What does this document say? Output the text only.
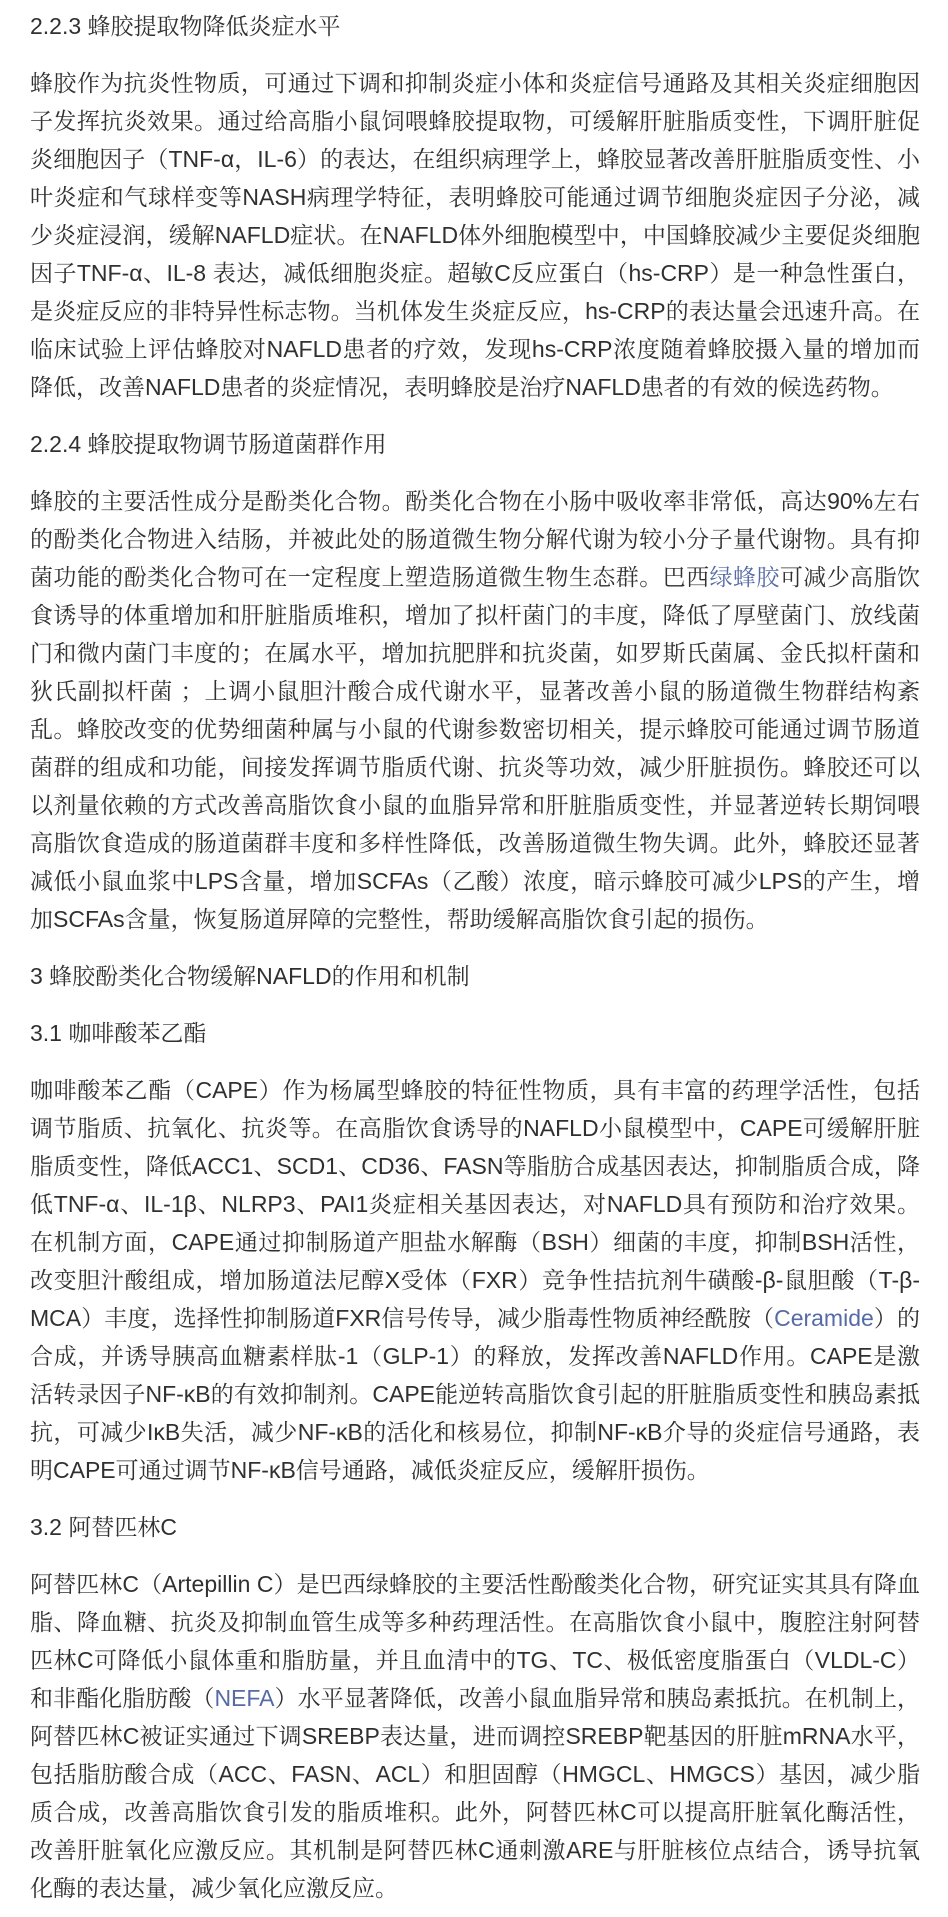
2.2.3 蜂胶提取物降低炎症水平

蜂胶作为抗炎性物质，可通过下调和抑制炎症小体和炎症信号通路及其相关炎症细胞因子发挥抗炎效果。通过给高脂小鼠饲喂蜂胶提取物，可缓解肝脏脂质变性，下调肝脏促炎细胞因子（TNF-α，IL-6）的表达，在组织病理学上，蜂胶显著改善肝脏脂质变性、小叶炎症和气球样变等NASH病理学特征，表明蜂胶可能通过调节细胞炎症因子分泌，减少炎症浸润，缓解NAFLD症状。在NAFLD体外细胞模型中，中国蜂胶减少主要促炎细胞因子TNF-α、IL-8 表达，减低细胞炎症。超敏C反应蛋白（hs-CRP）是一种急性蛋白，是炎症反应的非特异性标志物。当机体发生炎症反应，hs-CRP的表达量会迅速升高。在临床试验上评估蜂胶对NAFLD患者的疗效，发现hs-CRP浓度随着蜂胶摄入量的增加而降低，改善NAFLD患者的炎症情况，表明蜂胶是治疗NAFLD患者的有效的候选药物。

2.2.4 蜂胶提取物调节肠道菌群作用

蜂胶的主要活性成分是酚类化合物。酚类化合物在小肠中吸收率非常低，高达90%左右的酚类化合物进入结肠，并被此处的肠道微生物分解代谢为较小分子量代谢物。具有抑菌功能的酚类化合物可在一定程度上塑造肠道微生物生态群。巴西绿蜂胶可减少高脂饮食诱导的体重增加和肝脏脂质堆积，增加了拟杆菌门的丰度，降低了厚壁菌门、放线菌门和微内菌门丰度的；在属水平，增加抗肥胖和抗炎菌，如罗斯氏菌属、金氏拟杆菌和狄氏副拟杆菌 ；上调小鼠胆汁酸合成代谢水平，显著改善小鼠的肠道微生物群结构紊乱。蜂胶改变的优势细菌种属与小鼠的代谢参数密切相关，提示蜂胶可能通过调节肠道菌群的组成和功能，间接发挥调节脂质代谢、抗炎等功效，减少肝脏损伤。蜂胶还可以以剂量依赖的方式改善高脂饮食小鼠的血脂异常和肝脏脂质变性，并显著逆转长期饲喂高脂饮食造成的肠道菌群丰度和多样性降低，改善肠道微生物失调。此外，蜂胶还显著减低小鼠血浆中LPS含量，增加SCFAs（乙酸）浓度，暗示蜂胶可减少LPS的产生，增加SCFAs含量，恢复肠道屏障的完整性，帮助缓解高脂饮食引起的损伤。

3 蜂胶酚类化合物缓解NAFLD的作用和机制

3.1 咖啡酸苯乙酯

咖啡酸苯乙酯（CAPE）作为杨属型蜂胶的特征性物质，具有丰富的药理学活性，包括调节脂质、抗氧化、抗炎等。在高脂饮食诱导的NAFLD小鼠模型中，CAPE可缓解肝脏脂质变性，降低ACC1、SCD1、CD36、FASN等脂肪合成基因表达，抑制脂质合成，降低TNF-α、IL-1β、NLRP3、PAI1炎症相关基因表达，对NAFLD具有预防和治疗效果。在机制方面，CAPE通过抑制肠道产胆盐水解酶（BSH）细菌的丰度，抑制BSH活性，改变胆汁酸组成，增加肠道法尼醇X受体（FXR）竞争性拮抗剂牛磺酸-β-鼠胆酸（T-β-MCA）丰度，选择性抑制肠道FXR信号传导，减少脂毒性物质神经酰胺（Ceramide）的合成，并诱导胰高血糖素样肽-1（GLP-1）的释放，发挥改善NAFLD作用。CAPE是激活转录因子NF-κB的有效抑制剂。CAPE能逆转高脂饮食引起的肝脏脂质变性和胰岛素抵抗，可减少IκB失活，减少NF-κB的活化和核易位，抑制NF-κB介导的炎症信号通路，表明CAPE可通过调节NF-κB信号通路，减低炎症反应，缓解肝损伤。

3.2 阿替匹林C

阿替匹林C（Artepillin C）是巴西绿蜂胶的主要活性酚酸类化合物，研究证实其具有降血脂、降血糖、抗炎及抑制血管生成等多种药理活性。在高脂饮食小鼠中，腹腔注射阿替匹林C可降低小鼠体重和脂肪量，并且血清中的TG、TC、极低密度脂蛋白（VLDL-C）和非酯化脂肪酸（NEFA）水平显著降低，改善小鼠血脂异常和胰岛素抵抗。在机制上，阿替匹林C被证实通过下调SREBP表达量，进而调控SREBP靶基因的肝脏mRNA水平，包括脂肪酸合成（ACC、FASN、ACL）和胆固醇（HMGCL、HMGCS）基因，减少脂质合成，改善高脂饮食引发的脂质堆积。此外，阿替匹林C可以提高肝脏氧化酶活性，改善肝脏氧化应激反应。其机制是阿替匹林C通刺激ARE与肝脏核位点结合，诱导抗氧化酶的表达量，减少氧化应激反应。
